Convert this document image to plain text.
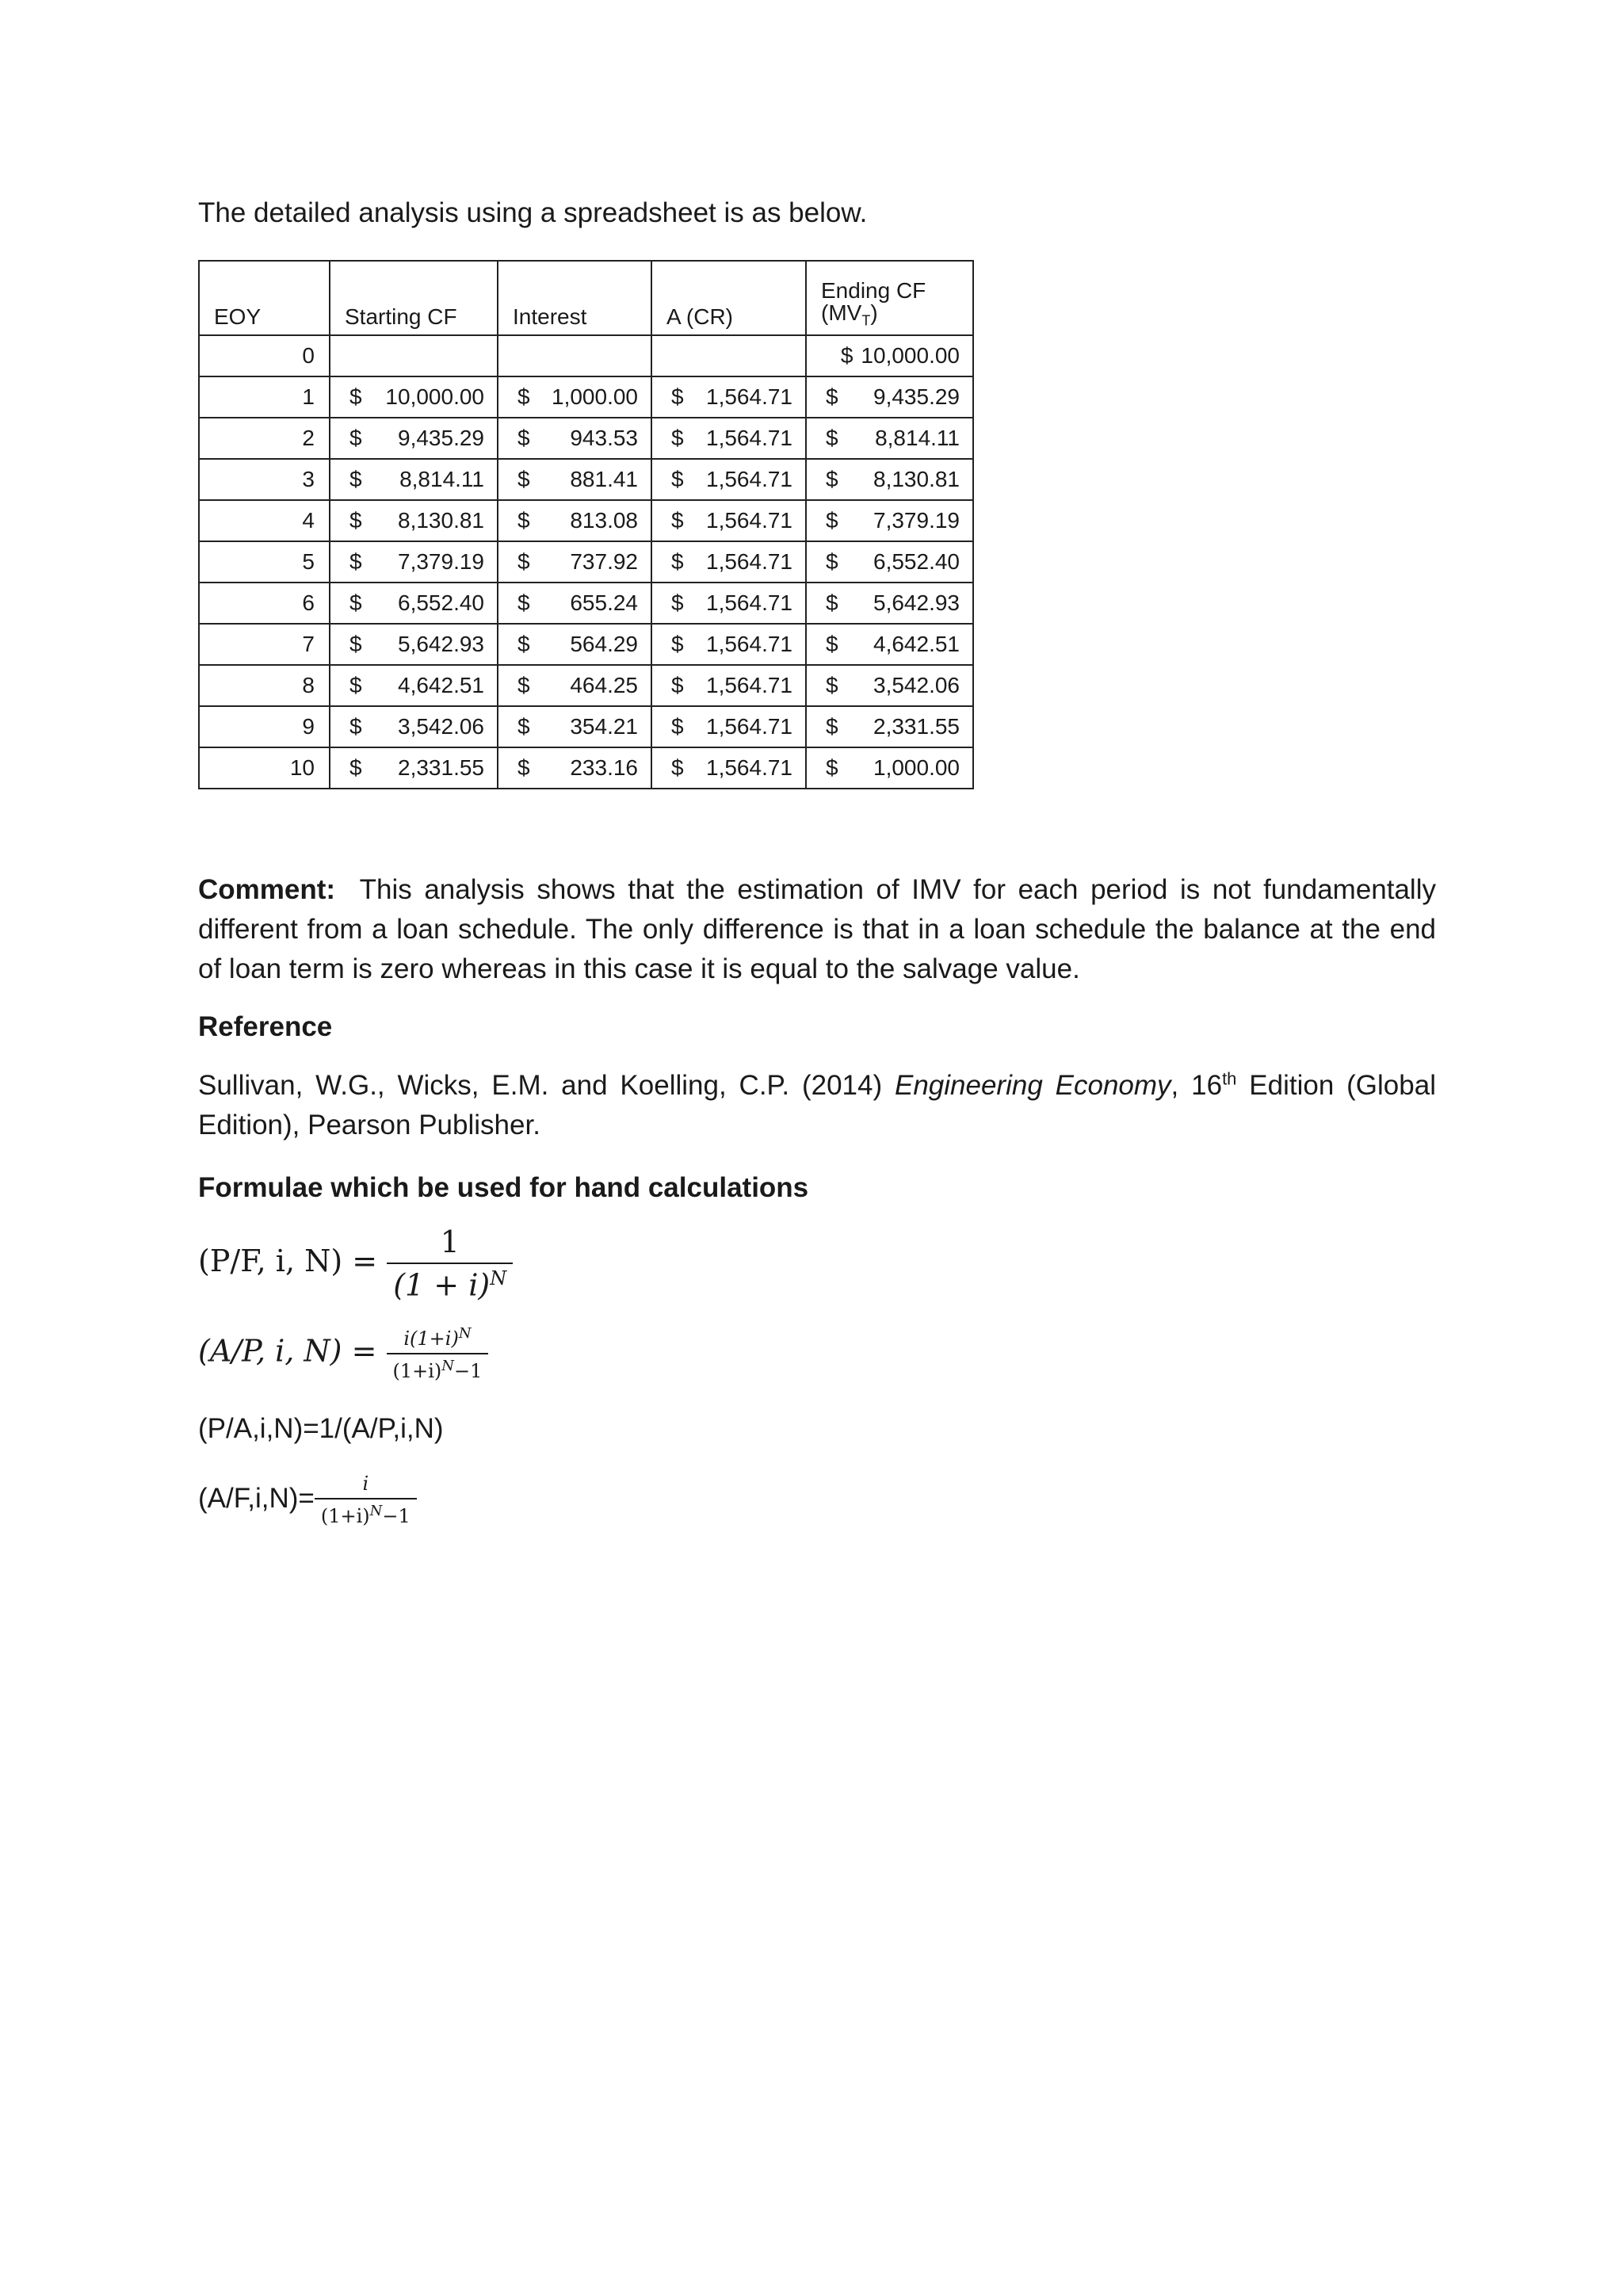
The detailed analysis using a spreadsheet is as below.
EOY	Starting CF	Interest	A (CR)	Ending CF
$(MV_T)$
0				$ 10,000.00

1	$ 10,000.00	$ 1,000.00	$ 1,564.71	$ 9,435.29

2	$ 9,435.29	$ 943.53	$ 1,564.71	$ 8,814.11

3	$ 8,814.11	$ 881.41	$ 1,564.71	$ 8,130.81

4	$ 8,130.81	$ 813.08	$ 1,564.71	$ 7,379.19

5	$ 7,379.19	$ 737.92	$ 1,564.71	$ 6,552.40

6	$ 6,552.40	$ 655.24	$ 1,564.71	$ 5,642.93

7	$ 5,642.93	$ 564.29	$ 1,564.71	$ 4,642.51

8	$ 4,642.51	$ 464.25	$ 1,564.71	$ 3,542.06

9	$ 3,542.06	$ 354.21	$ 1,564.71	$ 2,331.55

10	$ 2,331.55	$ 233.16	$ 1,564.71	$ 1,000.00
Comment: This analysis shows that the estimation of IMV for each period is not fundamentally different from a loan schedule. The only difference is that in a loan schedule the balance at the end of loan term is zero whereas in this case it is equal to the salvage value.
Reference
Sullivan, W.G., Wicks, E.M. and Koelling, C.P. (2014) Engineering Economy, 16th Edition (Global Edition), Pearson Publisher.
Formulae which be used for hand calculations
(P/F, i, $N) = \frac{1}{(1 + i)^N}$
(A/P, i, $N) = \frac{i(1+i)^N}{(1+i)^N-1}$
(P/A,i,N)=1/(A/P,i,N)
$(A/F,i,N)= \frac{i}{(1+i)^N-1}$
